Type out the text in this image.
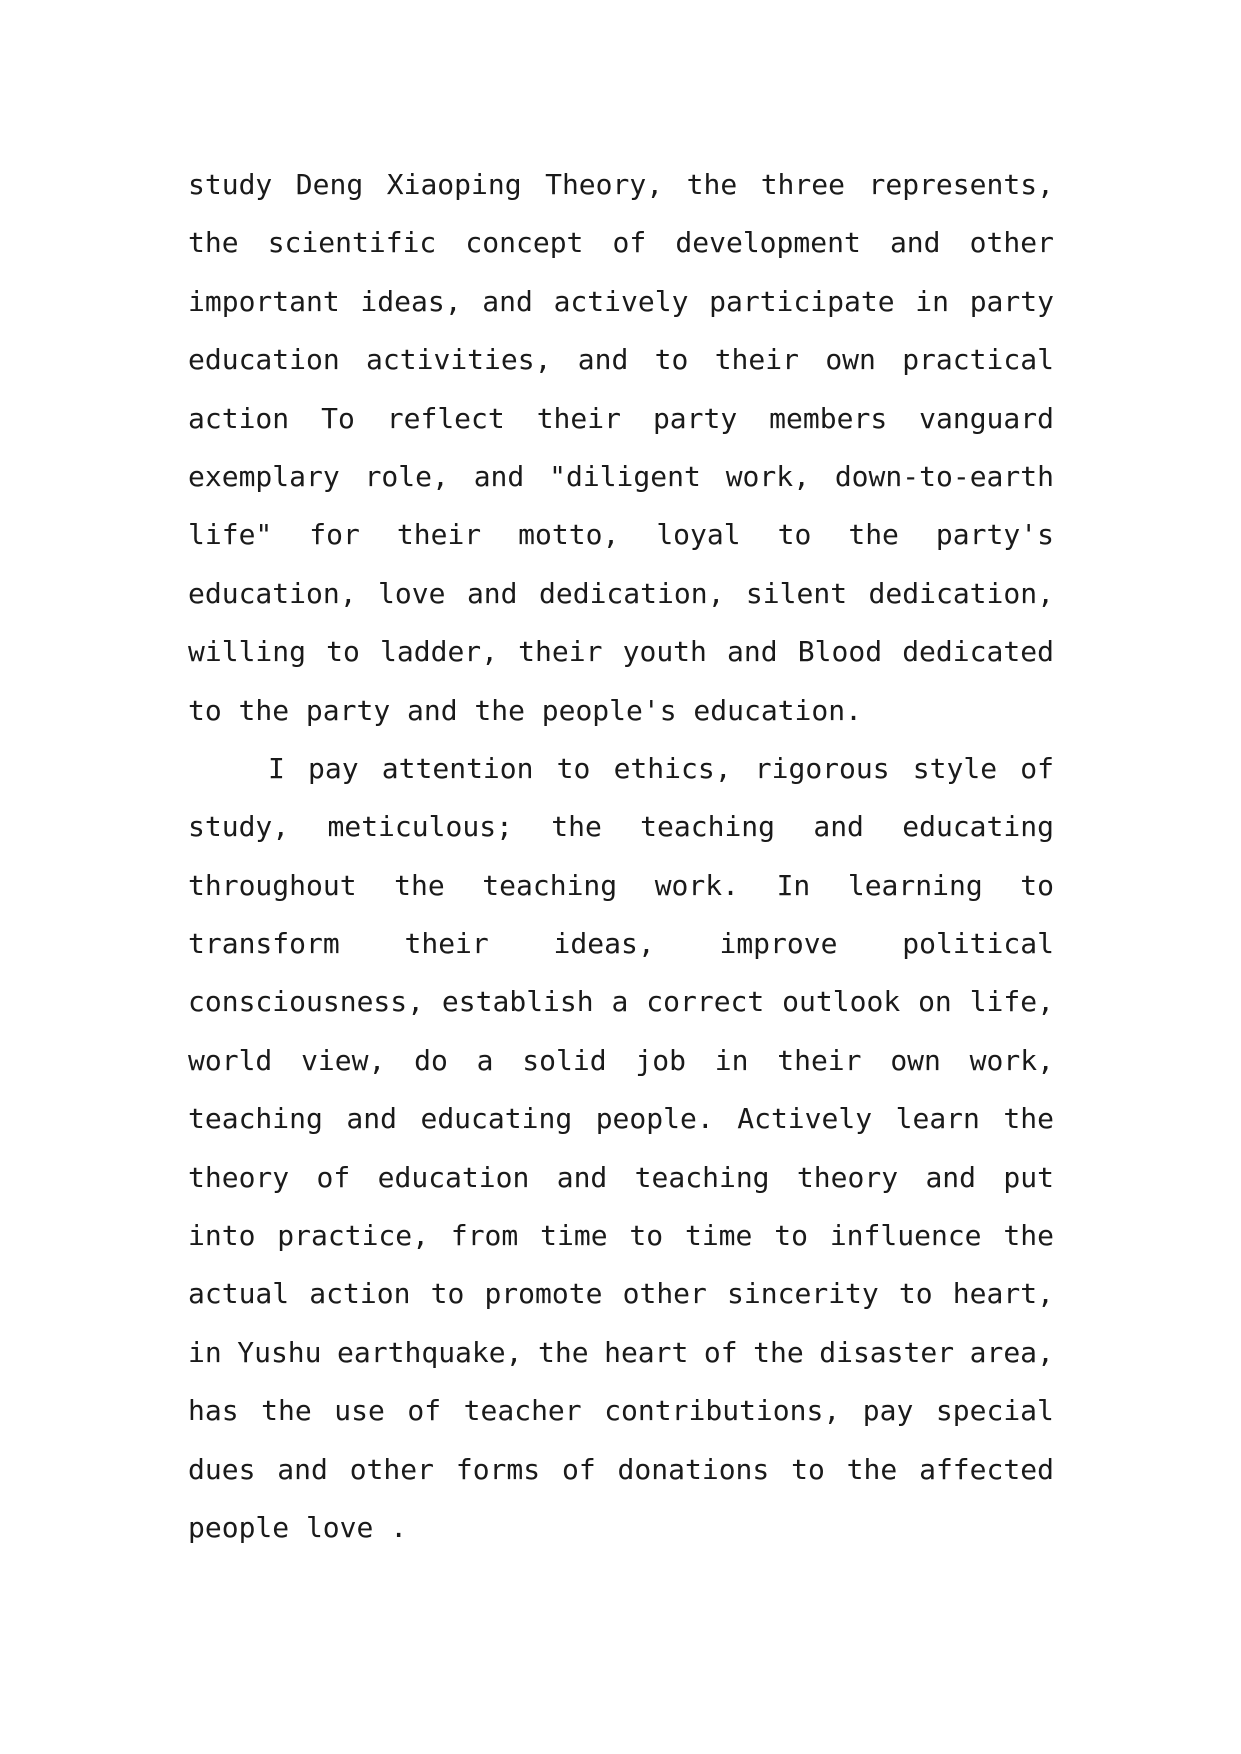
study Deng Xiaoping Theory, the three represents,
the scientific concept of development and other
important ideas, and actively participate in party
education activities, and to their own practical
action To reflect their party members vanguard
exemplary role, and "diligent work, down-to-earth
life" for their motto, loyal to the party's
education, love and dedication, silent dedication,
willing to ladder, their youth and Blood dedicated
to the party and the people's education.
I pay attention to ethics, rigorous style of
study, meticulous; the teaching and educating
throughout the teaching work. In learning to
transform their ideas, improve political
consciousness, establish a correct outlook on life,
world view, do a solid job in their own work,
teaching and educating people. Actively learn the
theory of education and teaching theory and put
into practice, from time to time to influence the
actual action to promote other sincerity to heart,
in Yushu earthquake, the heart of the disaster area,
has the use of teacher contributions, pay special
dues and other forms of donations to the affected
people love .
